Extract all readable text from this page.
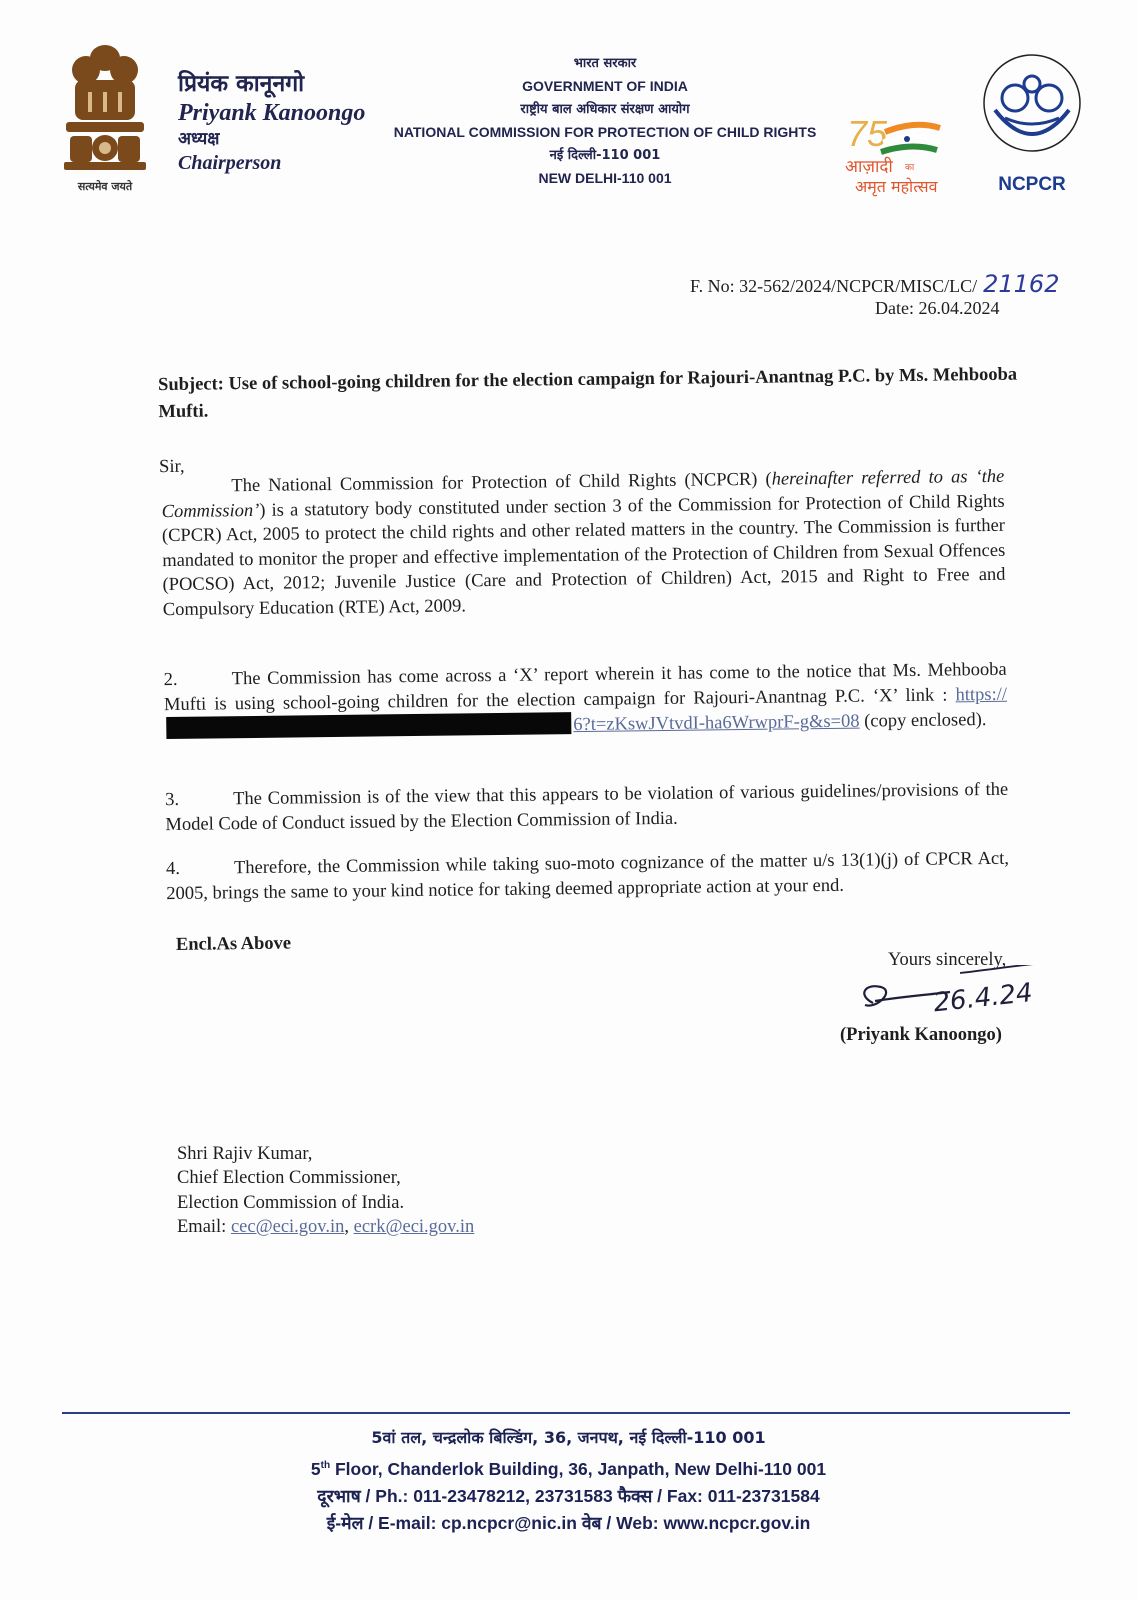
सत्यमेव जयते
प्रियंक कानूनगो
Priyank Kanoongo
अध्यक्ष
Chairperson
भारत सरकार
GOVERNMENT OF INDIA
राष्ट्रीय बाल अधिकार संरक्षण आयोग
NATIONAL COMMISSION FOR PROTECTION OF CHILD RIGHTS
नई दिल्ली-110 001
NEW DELHI-110 001
75
आज़ादी का
अमृत महोत्सव	NCPCR
F. No: 32-562/2024/NCPCR/MISC/LC/ 21162
Date: 26.04.2024
Subject: Use of school-going children for the election campaign for Rajouri-Anantnag P.C. by Ms. Mehbooba Mufti.
Sir,
The National Commission for Protection of Child Rights (NCPCR) (hereinafter referred to as ‘the Commission’) is a statutory body constituted under section 3 of the Commission for Protection of Child Rights (CPCR) Act, 2005 to protect the child rights and other related matters in the country. The Commission is further mandated to monitor the proper and effective implementation of the Protection of Children from Sexual Offences (POCSO) Act, 2012; Juvenile Justice (Care and Protection of Children) Act, 2015 and Right to Free and Compulsory Education (RTE) Act, 2009.
2.	The Commission has come across a ‘X’ report wherein it has come to the notice that Ms. Mehbooba Mufti is using school-going children for the election campaign for Rajouri-Anantnag P.C. ‘X’ link : https://6?t=zKswJVtvdI-ha6WrwprF-g&s=08 (copy enclosed).
3.	The Commission is of the view that this appears to be violation of various guidelines/provisions of the Model Code of Conduct issued by the Election Commission of India.
4.	Therefore, the Commission while taking suo-moto cognizance of the matter u/s 13(1)(j) of CPCR Act, 2005, brings the same to your kind notice for taking deemed appropriate action at your end.
Encl.As Above
Yours sincerely,
26.4.24
(Priyank Kanoongo)
Shri Rajiv Kumar,
Chief Election Commissioner,
Election Commission of India.
Email: cec@eci.gov.in, ecrk@eci.gov.in
5वां तल, चन्द्रलोक बिल्डिंग, 36, जनपथ, नई दिल्ली-110 001
5th Floor, Chanderlok Building, 36, Janpath, New Delhi-110 001
दूरभाष / Ph.: 011-23478212, 23731583 फैक्स / Fax: 011-23731584
ई-मेल / E-mail: cp.ncpcr@nic.in वेब / Web: www.ncpcr.gov.in
